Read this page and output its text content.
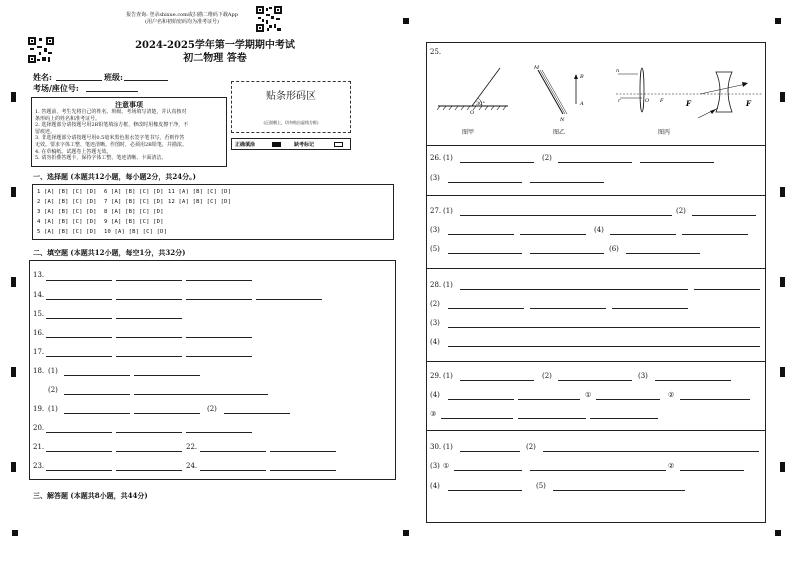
报告查询: 登录shixue.com或扫描二维码下载App
(用户名和初始密码均为准考证号)
2024-2025学年第一学期期中考试
初二物理 答卷
姓名:	班级:
考场/座位号:
注意事项
1. 答题前，考生先将自己的姓名、班级、考场填写清楚，并认真核对
条形码上的姓名和准考证号。
2. 选择题部分请按题号用2B铅笔填涂方框，修改时用橡皮擦干净，不
留痕迹。
3. 非选择题部分请按题号用0.5毫米黑色墨水签字笔书写，否则作答
无效。要求字体工整、笔迹清晰。作图时，必须用2B铅笔，并描浓。
4. 在草稿纸、试题卷上答题无效。
5. 请勿折叠答题卡，保持字体工整、笔迹清晰、卡面清洁。
贴条形码区
(正面朝上，切勿贴出虚线方框)
正确填涂	缺考标记
一、选择题 (本题共12小题，每小题2分，共24分。)
1 [A] [B] [C] [D] 6 [A] [B] [C] [D] 11 [A] [B] [C] [D]
2 [A] [B] [C] [D] 7 [A] [B] [C] [D] 12 [A] [B] [C] [D]
3 [A] [B] [C] [D] 8 [A] [B] [C] [D]
4 [A] [B] [C] [D] 9 [A] [B] [C] [D]
5 [A] [B] [C] [D] 10 [A] [B] [C] [D]
二、填空题 (本题共12小题，每空1分，共32分)
13.
14.
15.
16.
17.
18. (1)
(2)
19. (1)	(2)
20.
21.	22.
23.	24.
三、解答题 (本题共8小题，共44分)
25.
30°
O
图甲
M
N
B
A
图乙
n
r	O F	F	F
图丙
26. (1)	(2)
(3)
27. (1)	(2)
(3)	(4)
(5)	(6)
28. (1)
(2)
(3)
(4)
29. (1)	(2)	(3)
(4)	①	②
③
30. (1)	(2)
(3) ①	②
(4)	(5)
